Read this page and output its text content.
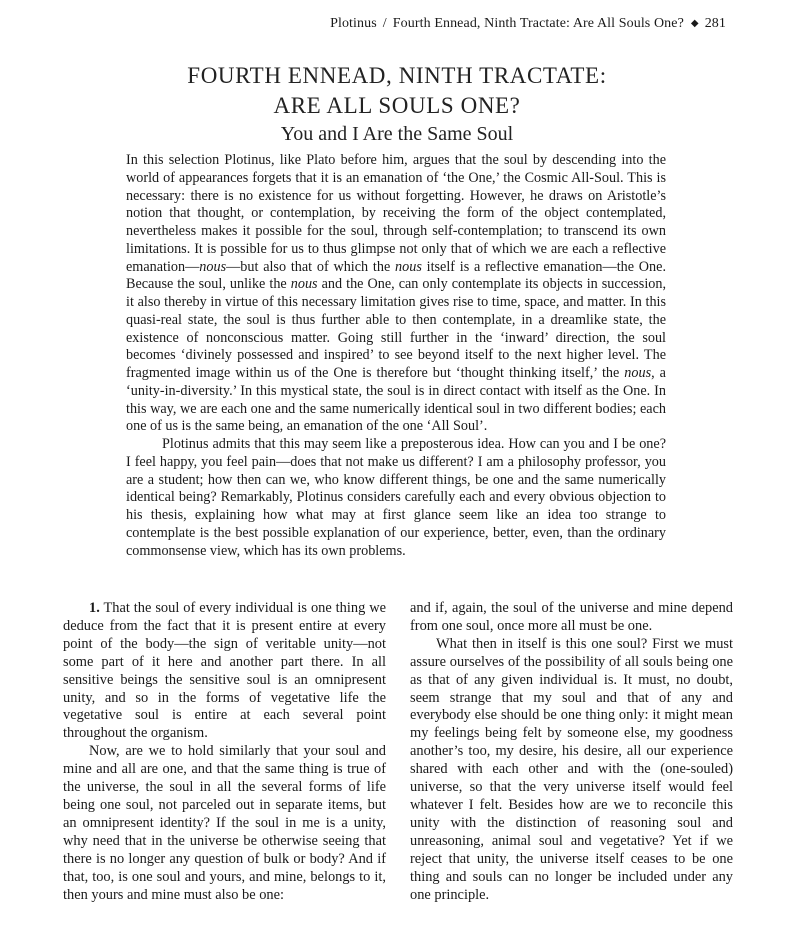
Plotinus / Fourth Ennead, Ninth Tractate: Are All Souls One? ◆ 281
FOURTH ENNEAD, NINTH TRACTATE:
ARE ALL SOULS ONE?
You and I Are the Same Soul

In this selection Plotinus, like Plato before him, argues that the soul by descending into the world of appearances forgets that it is an emanation of ‘the One,’ the Cosmic All-Soul. This is necessary: there is no existence for us without forgetting. However, he draws on Aristotle’s notion that thought, or contemplation, by receiving the form of the object contemplated, nevertheless makes it possible for the soul, through self-contemplation; to transcend its own limitations. It is possible for us to thus glimpse not only that of which we are each a reflective emanation—nous—but also that of which the nous itself is a reflective emanation—the One. Because the soul, unlike the nous and the One, can only contemplate its objects in succession, it also thereby in virtue of this necessary limitation gives rise to time, space, and matter. In this quasi-real state, the soul is thus further able to then contemplate, in a dreamlike state, the existence of nonconscious matter. Going still further in the ‘inward’ direction, the soul becomes ‘divinely possessed and inspired’ to see beyond itself to the next higher level. The fragmented image within us of the One is therefore but ‘thought thinking itself,’ the nous, a ‘unity-in-diversity.’ In this mystical state, the soul is in direct contact with itself as the One. In this way, we are each one and the same numerically identical soul in two different bodies; each one of us is the same being, an emanation of the one ‘All Soul’.

Plotinus admits that this may seem like a preposterous idea. How can you and I be one? I feel happy, you feel pain—does that not make us different? I am a philosophy professor, you are a student; how then can we, who know different things, be one and the same numerically identical being? Remarkably, Plotinus considers carefully each and every obvious objection to his thesis, explaining how what may at first glance seem like an idea too strange to contemplate is the best possible explanation of our experience, better, even, than the ordinary commonsense view, which has its own problems.

1. That the soul of every individual is one thing we deduce from the fact that it is present entire at every point of the body—the sign of veritable unity—not some part of it here and another part there. In all sensitive beings the sensitive soul is an omnipresent unity, and so in the forms of vegetative life the vegetative soul is entire at each several point throughout the organism.

Now, are we to hold similarly that your soul and mine and all are one, and that the same thing is true of the universe, the soul in all the several forms of life being one soul, not parceled out in separate items, but an omnipresent identity? If the soul in me is a unity, why need that in the universe be otherwise seeing that there is no longer any question of bulk or body? And if that, too, is one soul and yours, and mine, belongs to it, then yours and mine must also be one:

and if, again, the soul of the universe and mine depend from one soul, once more all must be one.

What then in itself is this one soul? First we must assure ourselves of the possibility of all souls being one as that of any given individual is. It must, no doubt, seem strange that my soul and that of any and everybody else should be one thing only: it might mean my feelings being felt by someone else, my goodness another’s too, my desire, his desire, all our experience shared with each other and with the (one-souled) universe, so that the very universe itself would feel whatever I felt. Besides how are we to reconcile this unity with the distinction of reasoning soul and unreasoning, animal soul and vegetative? Yet if we reject that unity, the universe itself ceases to be one thing and souls can no longer be included under any one principle.
